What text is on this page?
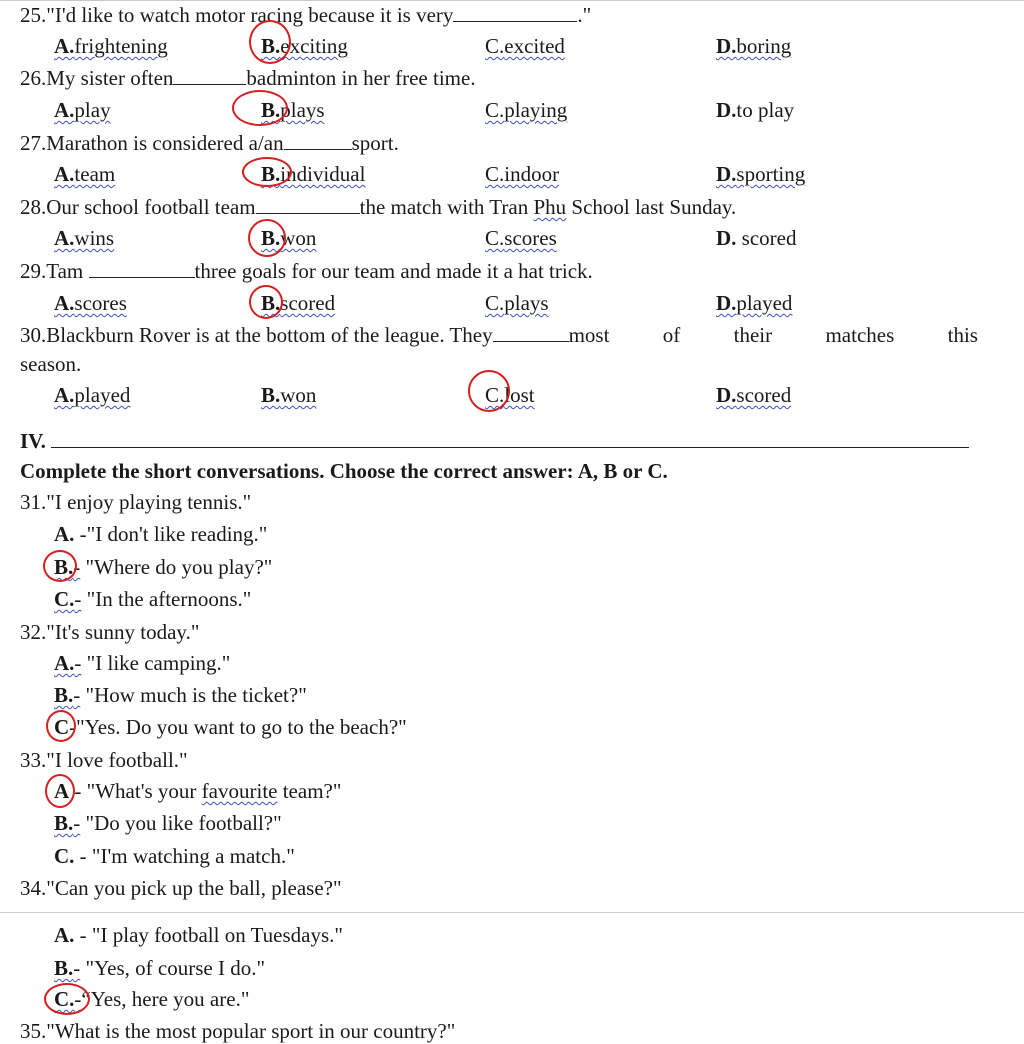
25."I'd like to watch motor racing because it is very	."
A.frightening	B.exciting	C.excited	D.boring
26.My sister often	badminton in her free time.
A.play	B.plays	C.playing	D.to play
27.Marathon is considered a/an	sport.
A.team	B.individual	C.indoor	D.sporting
28.Our school football team	the match with Tran Phu School last Sunday.
A.wins	B.won	C.scores	D. scored
29.Tam	three goals for our team and made it a hat trick.
A.scores	B.scored	C.plays	D.played
30.Blackburn Rover is at the bottom of the league. They	most	of	their	matches	this
season.
A.played	B.won	C.lost	D.scored
IV.
Complete the short conversations. Choose the correct answer: A, B or C.
31."I enjoy playing tennis."
A. -"I don't like reading."
B.- "Where do you play?"
C.- "In the afternoons."
32."It's sunny today."
A.- "I like camping."
B.- "How much is the ticket?"
C-"Yes. Do you want to go to the beach?"
33."I love football."
A - "What's your favourite team?"
B.- "Do you like football?"
C. - "I'm watching a match."
34."Can you pick up the ball, please?"
A. - "I play football on Tuesdays."
B.- "Yes, of course I do."
C.-“Yes, here you are."
35."What is the most popular sport in our country?"
